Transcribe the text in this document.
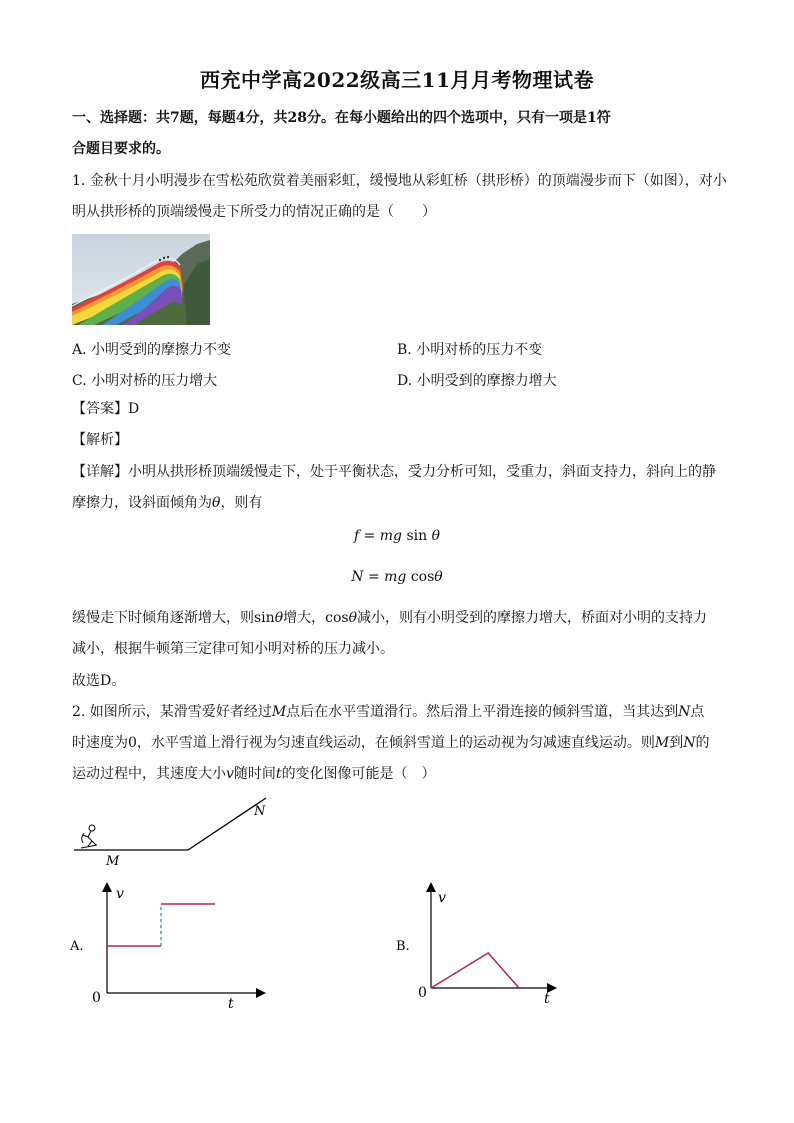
西充中学高2022级高三11月月考物理试卷
一、选择题：共7题，每题4分，共28分。在每小题给出的四个选项中，只有一项是1符
合题目要求的。
1. 金秋十月小明漫步在雪松苑欣赏着美丽彩虹，缓慢地从彩虹桥（拱形桥）的顶端漫步而下（如图），对小
明从拱形桥的顶端缓慢走下所受力的情况正确的是（　　）
A. 小明受到的摩擦力不变	B. 小明对桥的压力不变
C. 小明对桥的压力增大	D. 小明受到的摩擦力增大
【答案】D
【解析】
【详解】小明从拱形桥顶端缓慢走下，处于平衡状态，受力分析可知，受重力，斜面支持力，斜向上的静
摩擦力，设斜面倾角为θ，则有
f = mg sin θ
N = mg cosθ
缓慢走下时倾角逐渐增大，则sinθ增大，cosθ减小，则有小明受到的摩擦力增大，桥面对小明的支持力
减小，根据牛顿第三定律可知小明对桥的压力减小。
故选D。
2. 如图所示，某滑雪爱好者经过M点后在水平雪道滑行。然后滑上平滑连接的倾斜雪道，当其达到N点
时速度为0，水平雪道上滑行视为匀速直线运动，在倾斜雪道上的运动视为匀减速直线运动。则M到N的
运动过程中，其速度大小v随时间t的变化图像可能是（　）
M
N
A.
v
t
0
B.
v
t
0
